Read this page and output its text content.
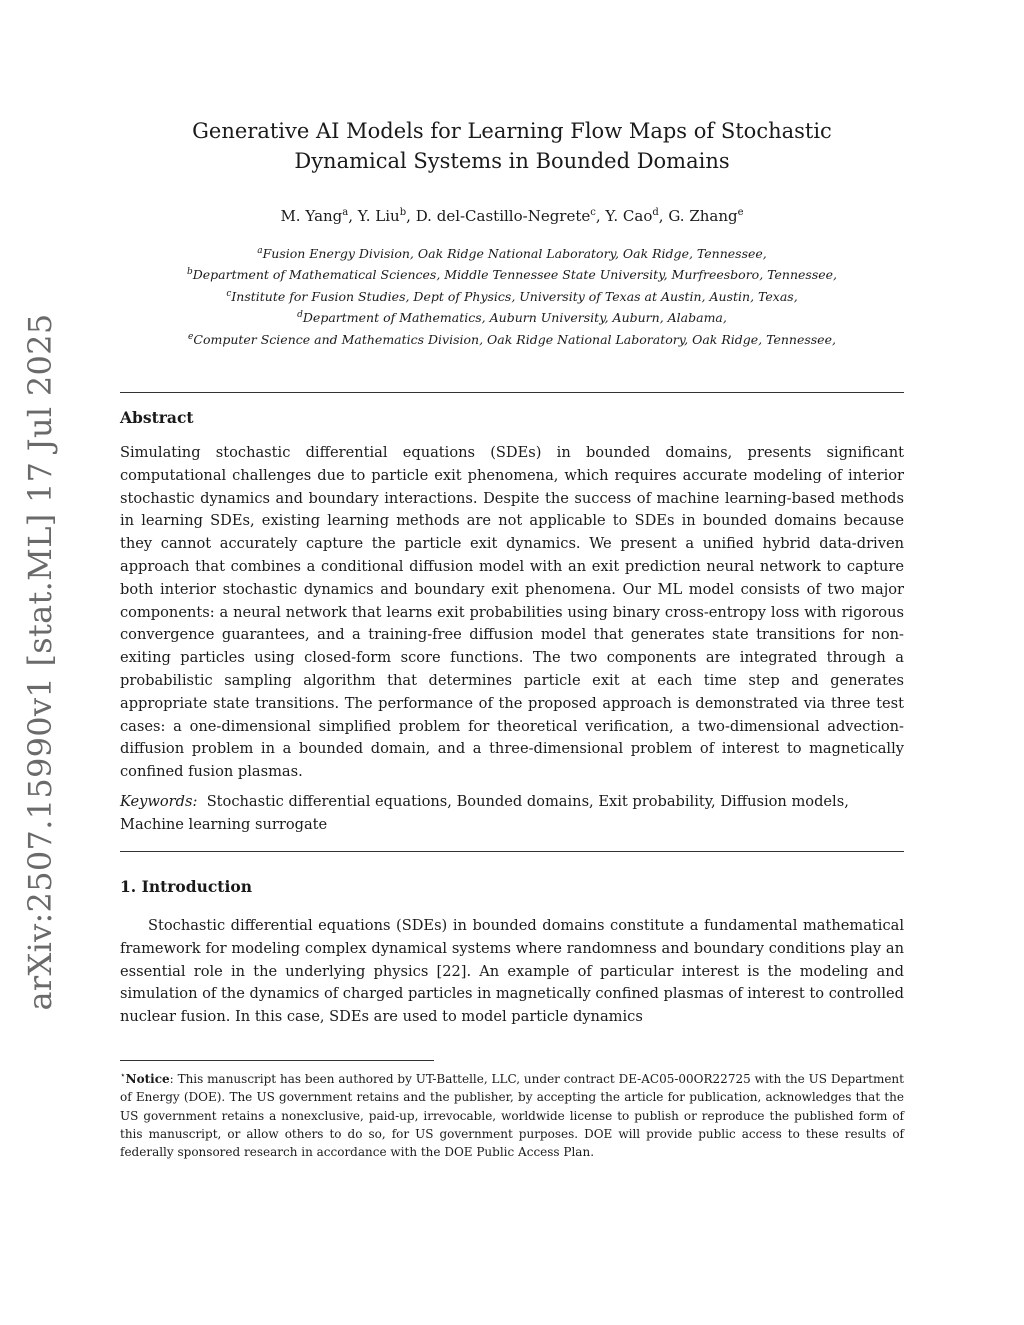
arXiv:2507.15990v1 [stat.ML] 17 Jul 2025
Generative AI Models for Learning Flow Maps of Stochastic Dynamical Systems in Bounded Domains
M. Yang$^a$, Y. Liu$^b$, D. del-Castillo-Negrete$^c$, Y. Cao$^d$, G. Zhang$^e$
$^a$Fusion Energy Division, Oak Ridge National Laboratory, Oak Ridge, Tennessee,
$^b$Department of Mathematical Sciences, Middle Tennessee State University, Murfreesboro, Tennessee,
$^c$Institute for Fusion Studies, Dept of Physics, University of Texas at Austin, Austin, Texas,
$^d$Department of Mathematics, Auburn University, Auburn, Alabama,
$^e$Computer Science and Mathematics Division, Oak Ridge National Laboratory, Oak Ridge, Tennessee,
Abstract

Simulating stochastic differential equations (SDEs) in bounded domains, presents significant computational challenges due to particle exit phenomena, which requires accurate modeling of interior stochastic dynamics and boundary interactions. Despite the success of machine learning-based methods in learning SDEs, existing learning methods are not applicable to SDEs in bounded domains because they cannot accurately capture the particle exit dynamics. We present a unified hybrid data-driven approach that combines a conditional diffusion model with an exit prediction neural network to capture both interior stochastic dynamics and boundary exit phenomena. Our ML model consists of two major components: a neural network that learns exit probabilities using binary cross-entropy loss with rigorous convergence guarantees, and a training-free diffusion model that generates state transitions for non-exiting particles using closed-form score functions. The two components are integrated through a probabilistic sampling algorithm that determines particle exit at each time step and generates appropriate state transitions. The performance of the proposed approach is demonstrated via three test cases: a one-dimensional simplified problem for theoretical verification, a two-dimensional advection-diffusion problem in a bounded domain, and a three-dimensional problem of interest to magnetically confined fusion plasmas.

Keywords: Stochastic differential equations, Bounded domains, Exit probability, Diffusion models, Machine learning surrogate

1. Introduction

Stochastic differential equations (SDEs) in bounded domains constitute a fundamental mathematical framework for modeling complex dynamical systems where randomness and boundary conditions play an essential role in the underlying physics [22]. An example of particular interest is the modeling and simulation of the dynamics of charged particles in magnetically confined plasmas of interest to controlled nuclear fusion. In this case, SDEs are used to model particle dynamics

⋆Notice: This manuscript has been authored by UT-Battelle, LLC, under contract DE-AC05-00OR22725 with the US Department of Energy (DOE). The US government retains and the publisher, by accepting the article for publication, acknowledges that the US government retains a nonexclusive, paid-up, irrevocable, worldwide license to publish or reproduce the published form of this manuscript, or allow others to do so, for US government purposes. DOE will provide public access to these results of federally sponsored research in accordance with the DOE Public Access Plan.
